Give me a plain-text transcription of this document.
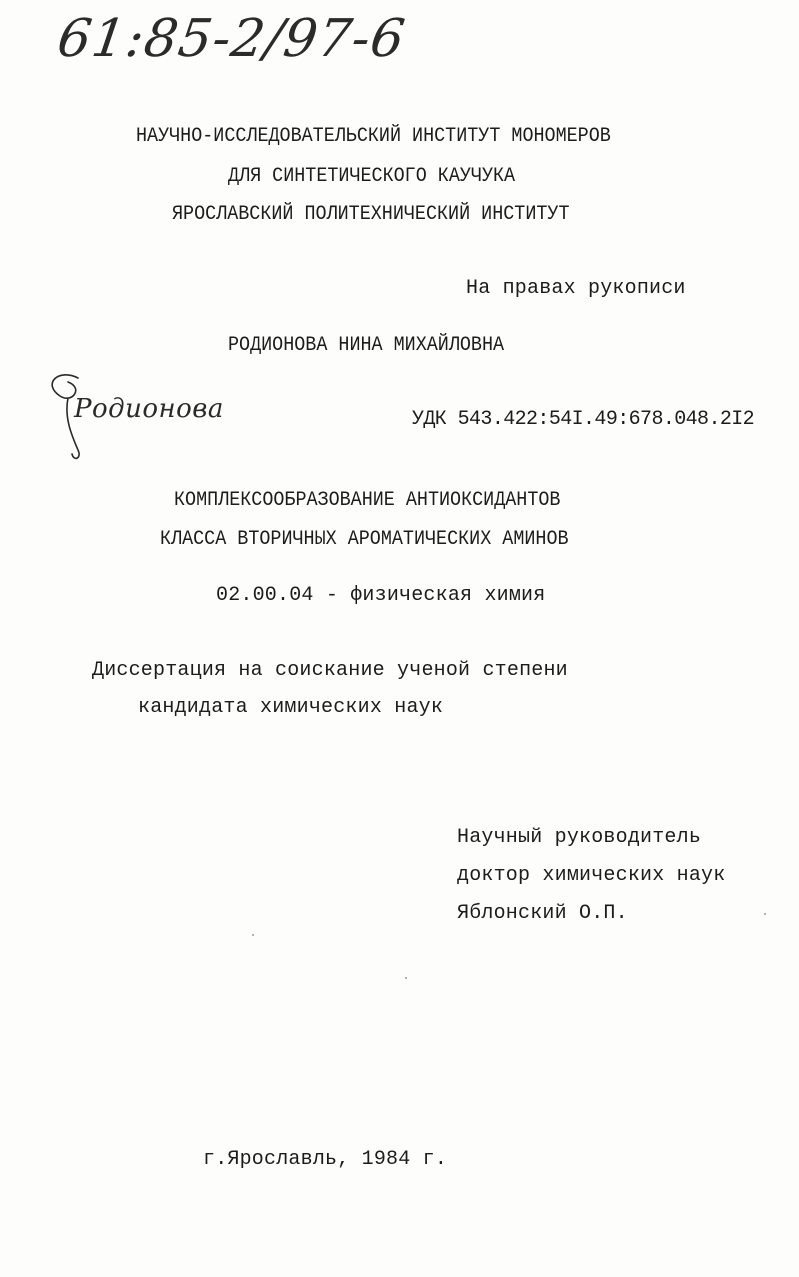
61:85-2/97-6
НАУЧНО-ИССЛЕДОВАТЕЛЬСКИЙ ИНСТИТУТ МОНОМЕРОВ
ДЛЯ СИНТЕТИЧЕСКОГО КАУЧУКА
ЯРОСЛАВСКИЙ ПОЛИТЕХНИЧЕСКИЙ ИНСТИТУТ
На правах рукописи
РОДИОНОВА НИНА МИХАЙЛОВНА
Родионова	УДК 543.422:54I.49:678.048.2I2
КОМПЛЕКСООБРАЗОВАНИЕ АНТИОКСИДАНТОВ
КЛАССА ВТОРИЧНЫХ АРОМАТИЧЕСКИХ АМИНОВ
02.00.04 - физическая химия
Диссертация на соискание ученой степени
кандидата химических наук
Научный руководитель
доктор химических наук
Яблонский О.П.
г.Ярославль, 1984 г.
